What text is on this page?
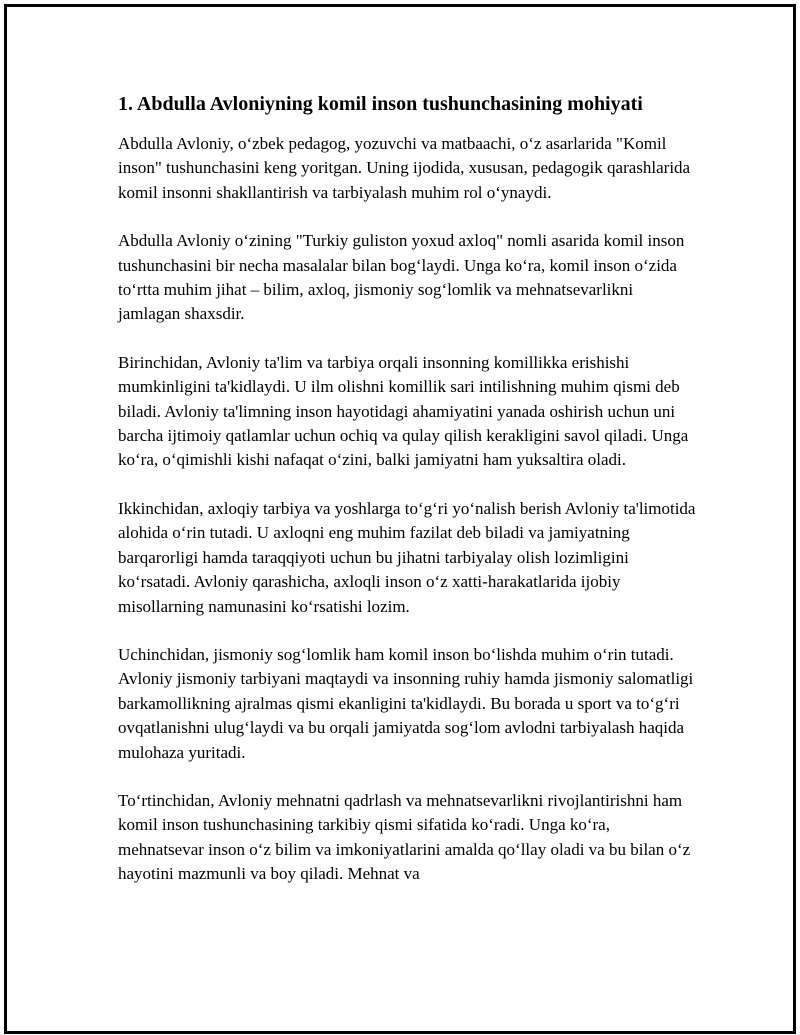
1. Abdulla Avloniyning komil inson tushunchasining mohiyati

Abdulla Avloniy, o‘zbek pedagog, yozuvchi va matbaachi, o‘z asarlarida "Komil inson" tushunchasini keng yoritgan. Uning ijodida, xususan, pedagogik qarashlarida komil insonni shakllantirish va tarbiyalash muhim rol o‘ynaydi.

Abdulla Avloniy o‘zining "Turkiy guliston yoxud axloq" nomli asarida komil inson tushunchasini bir necha masalalar bilan bog‘laydi. Unga ko‘ra, komil inson o‘zida to‘rtta muhim jihat – bilim, axloq, jismoniy sog‘lomlik va mehnatsevarlikni jamlagan shaxsdir.

Birinchidan, Avloniy ta'lim va tarbiya orqali insonning komillikka erishishi mumkinligini ta'kidlaydi. U ilm olishni komillik sari intilishning muhim qismi deb biladi. Avloniy ta'limning inson hayotidagi ahamiyatini yanada oshirish uchun uni barcha ijtimoiy qatlamlar uchun ochiq va qulay qilish kerakligini savol qiladi. Unga ko‘ra, o‘qimishli kishi nafaqat o‘zini, balki jamiyatni ham yuksaltira oladi.

Ikkinchidan, axloqiy tarbiya va yoshlarga to‘g‘ri yo‘nalish berish Avloniy ta'limotida alohida o‘rin tutadi. U axloqni eng muhim fazilat deb biladi va jamiyatning barqarorligi hamda taraqqiyoti uchun bu jihatni tarbiyalay olish lozimligini ko‘rsatadi. Avloniy qarashicha, axloqli inson o‘z xatti-harakatlarida ijobiy misollarning namunasini ko‘rsatishi lozim.

Uchinchidan, jismoniy sog‘lomlik ham komil inson bo‘lishda muhim o‘rin tutadi. Avloniy jismoniy tarbiyani maqtaydi va insonning ruhiy hamda jismoniy salomatligi barkamollikning ajralmas qismi ekanligini ta'kidlaydi. Bu borada u sport va to‘g‘ri ovqatlanishni ulug‘laydi va bu orqali jamiyatda sog‘lom avlodni tarbiyalash haqida mulohaza yuritadi.

To‘rtinchidan, Avloniy mehnatni qadrlash va mehnatsevarlikni rivojlantirishni ham komil inson tushunchasining tarkibiy qismi sifatida ko‘radi. Unga ko‘ra, mehnatsevar inson o‘z bilim va imkoniyatlarini amalda qo‘llay oladi va bu bilan o‘z hayotini mazmunli va boy qiladi. Mehnat va
